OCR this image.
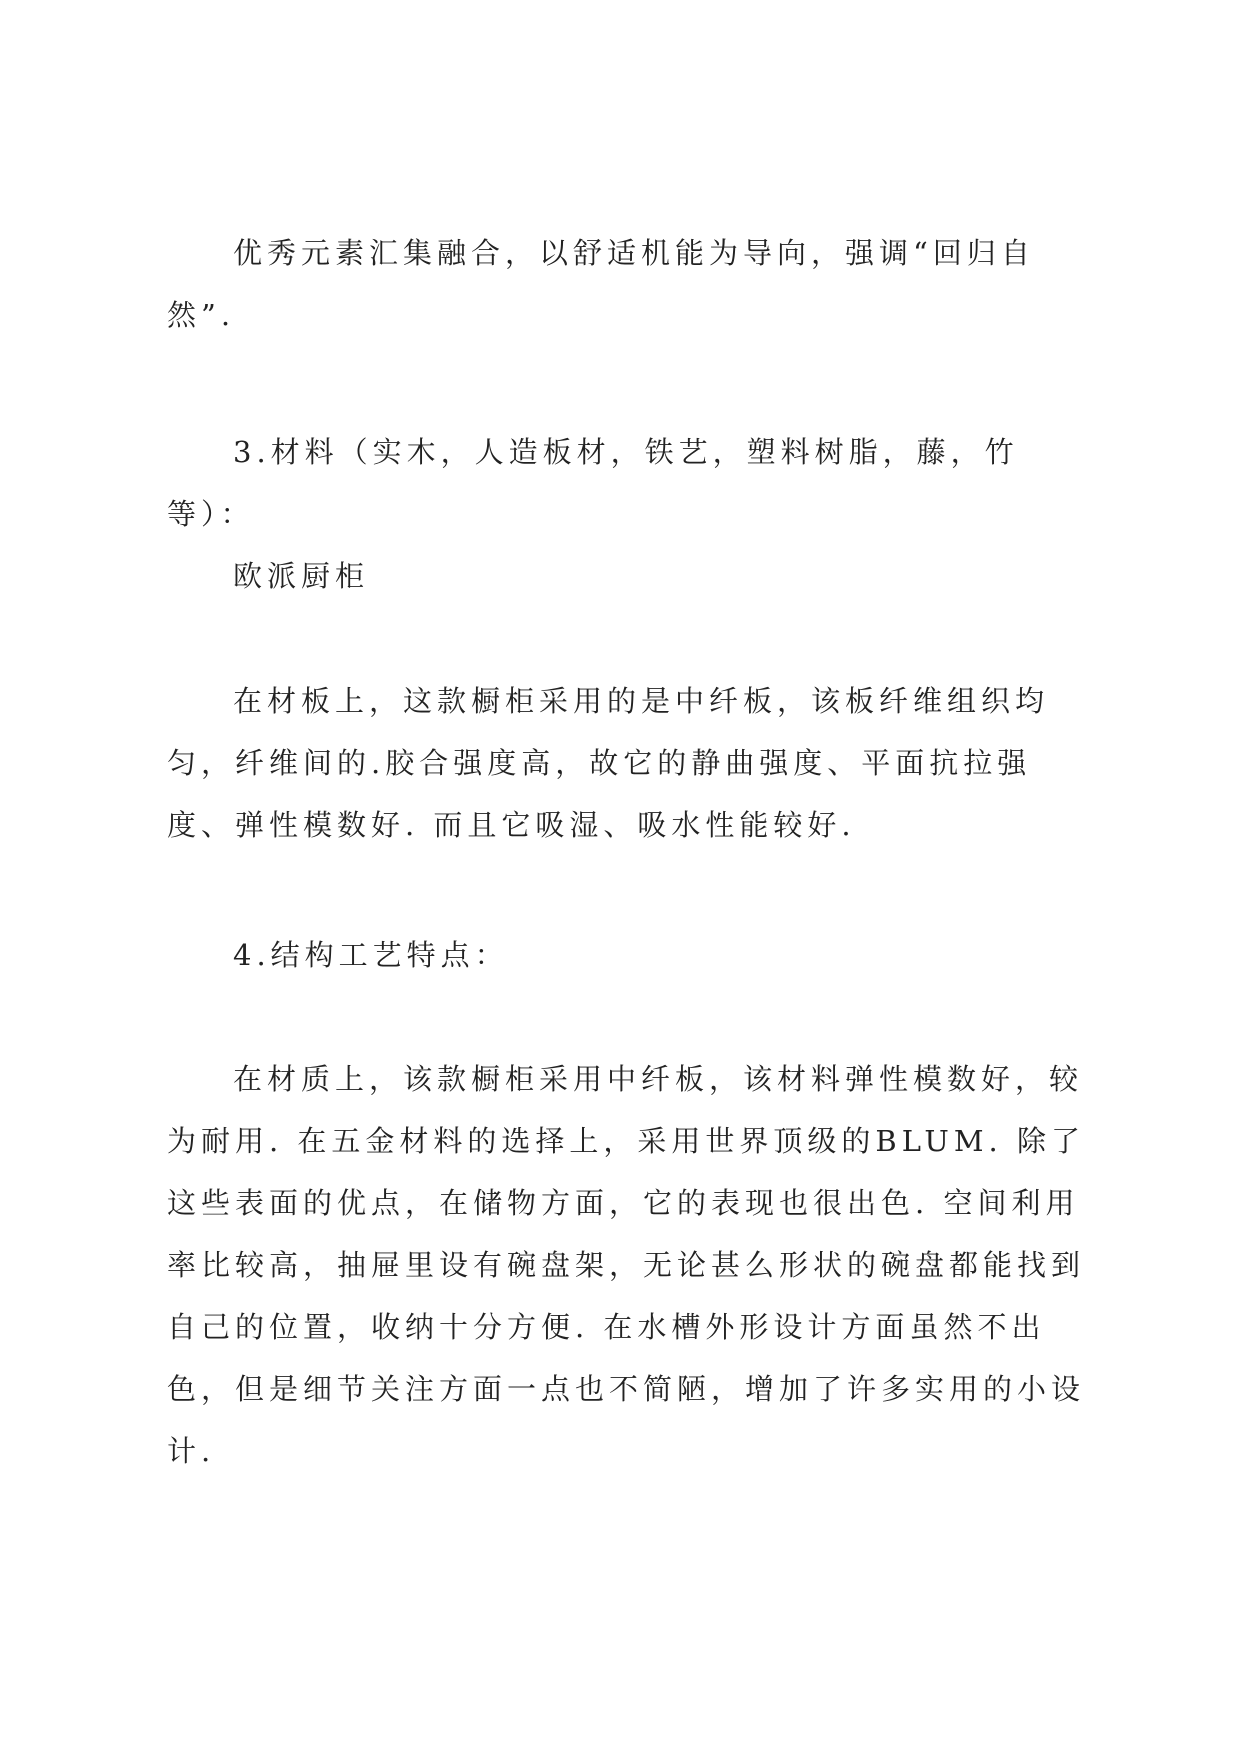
优秀元素汇集融合，以舒适机能为导向，强调“回归自然”.

3.材料（实木，人造板材，铁艺，塑料树脂，藤，竹等）：

欧派厨柜

在材板上，这款橱柜采用的是中纤板，该板纤维组织均匀，纤维间的.胶合强度高，故它的静曲强度、平面抗拉强度、弹性模数好. 而且它吸湿、吸水性能较好.

4.结构工艺特点：

在材质上，该款橱柜采用中纤板，该材料弹性模数好，较为耐用. 在五金材料的选择上，采用世界顶级的BLUM. 除了这些表面的优点，在储物方面，它的表现也很出色. 空间利用率比较高，抽屉里设有碗盘架，无论甚么形状的碗盘都能找到自己的位置，收纳十分方便. 在水槽外形设计方面虽然不出色，但是细节关注方面一点也不简陋，增加了许多实用的小设计.
